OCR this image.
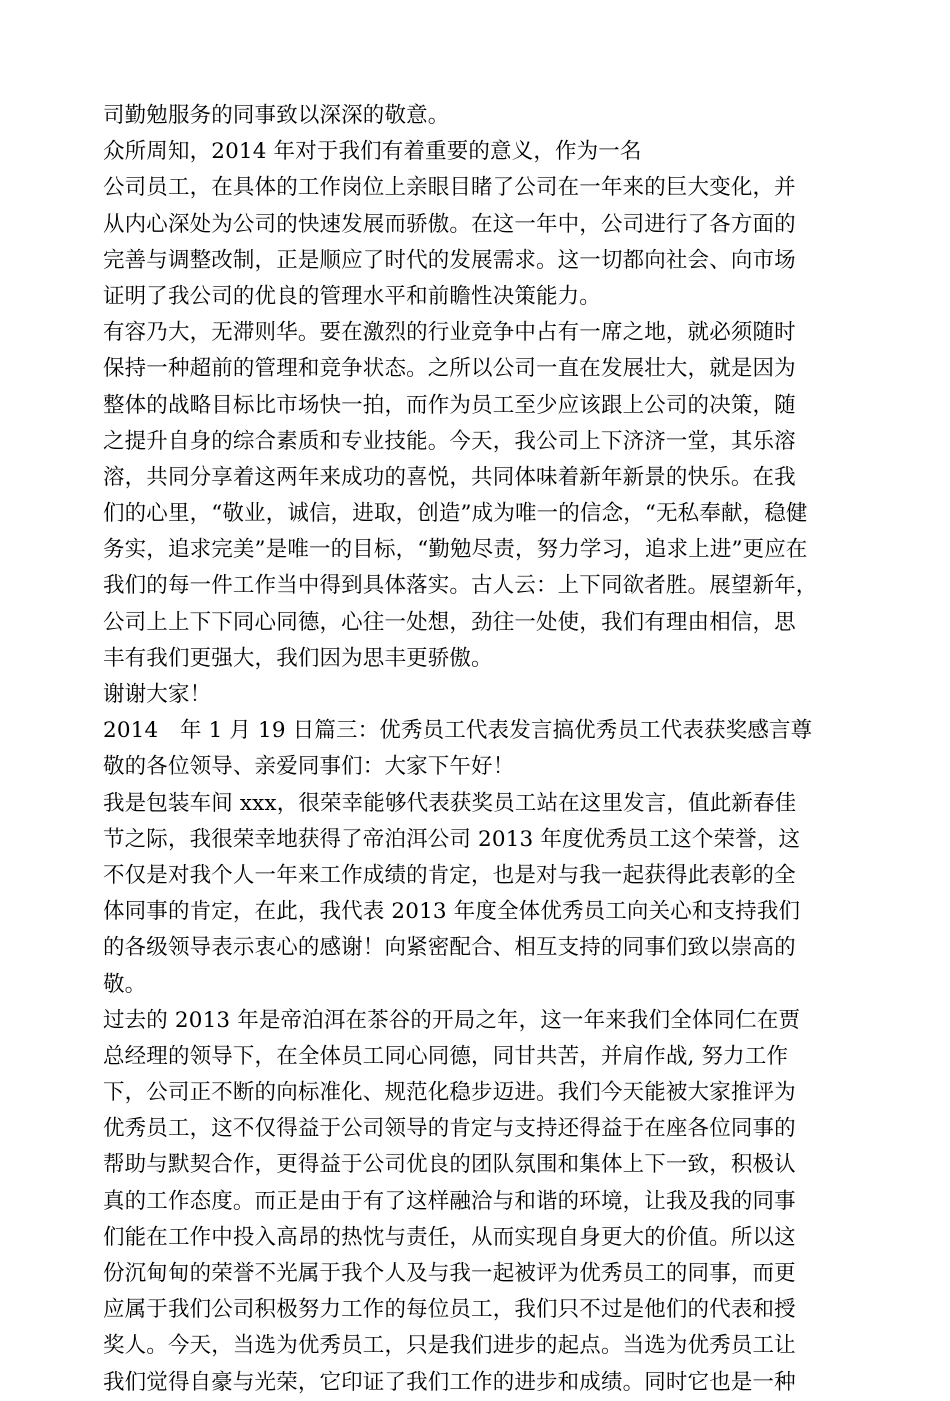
司勤勉服务的同事致以深深的敬意。
众所周知，2014 年对于我们有着重要的意义，作为一名
公司员工，在具体的工作岗位上亲眼目睹了公司在一年来的巨大变化，并
从内心深处为公司的快速发展而骄傲。在这一年中，公司进行了各方面的
完善与调整改制，正是顺应了时代的发展需求。这一切都向社会、向市场
证明了我公司的优良的管理水平和前瞻性决策能力。
有容乃大，无滞则华。要在激烈的行业竞争中占有一席之地，就必须随时
保持一种超前的管理和竞争状态。之所以公司一直在发展壮大，就是因为
整体的战略目标比市场快一拍，而作为员工至少应该跟上公司的决策，随
之提升自身的综合素质和专业技能。今天，我公司上下济济一堂，其乐溶
溶，共同分享着这两年来成功的喜悦，共同体味着新年新景的快乐。在我
们的心里，“敬业，诚信，进取，创造”成为唯一的信念，“无私奉献，稳健
务实，追求完美”是唯一的目标，“勤勉尽责，努力学习，追求上进”更应在
我们的每一件工作当中得到具体落实。古人云：上下同欲者胜。展望新年，
公司上上下下同心同德，心往一处想，劲往一处使，我们有理由相信，思
丰有我们更强大，我们因为思丰更骄傲。
谢谢大家！
2014　年 1 月 19 日篇三：优秀员工代表发言搞优秀员工代表获奖感言尊
敬的各位领导、亲爱同事们：大家下午好！
我是包装车间 xxx，很荣幸能够代表获奖员工站在这里发言，值此新春佳
节之际，我很荣幸地获得了帝泊洱公司 2013 年度优秀员工这个荣誉，这
不仅是对我个人一年来工作成绩的肯定，也是对与我一起获得此表彰的全
体同事的肯定，在此，我代表 2013 年度全体优秀员工向关心和支持我们
的各级领导表示衷心的感谢！向紧密配合、相互支持的同事们致以崇高的
敬。
过去的 2013 年是帝泊洱在茶谷的开局之年，这一年来我们全体同仁在贾
总经理的领导下，在全体员工同心同德，同甘共苦，并肩作战, 努力工作
下，公司正不断的向标准化、规范化稳步迈进。我们今天能被大家推评为
优秀员工，这不仅得益于公司领导的肯定与支持还得益于在座各位同事的
帮助与默契合作，更得益于公司优良的团队氛围和集体上下一致，积极认
真的工作态度。而正是由于有了这样融洽与和谐的环境，让我及我的同事
们能在工作中投入高昂的热忱与责任，从而实现自身更大的价值。所以这
份沉甸甸的荣誉不光属于我个人及与我一起被评为优秀员工的同事，而更
应属于我们公司积极努力工作的每位员工，我们只不过是他们的代表和授
奖人。今天，当选为优秀员工，只是我们进步的起点。当选为优秀员工让
我们觉得自豪与光荣，它印证了我们工作的进步和成绩。同时它也是一种
